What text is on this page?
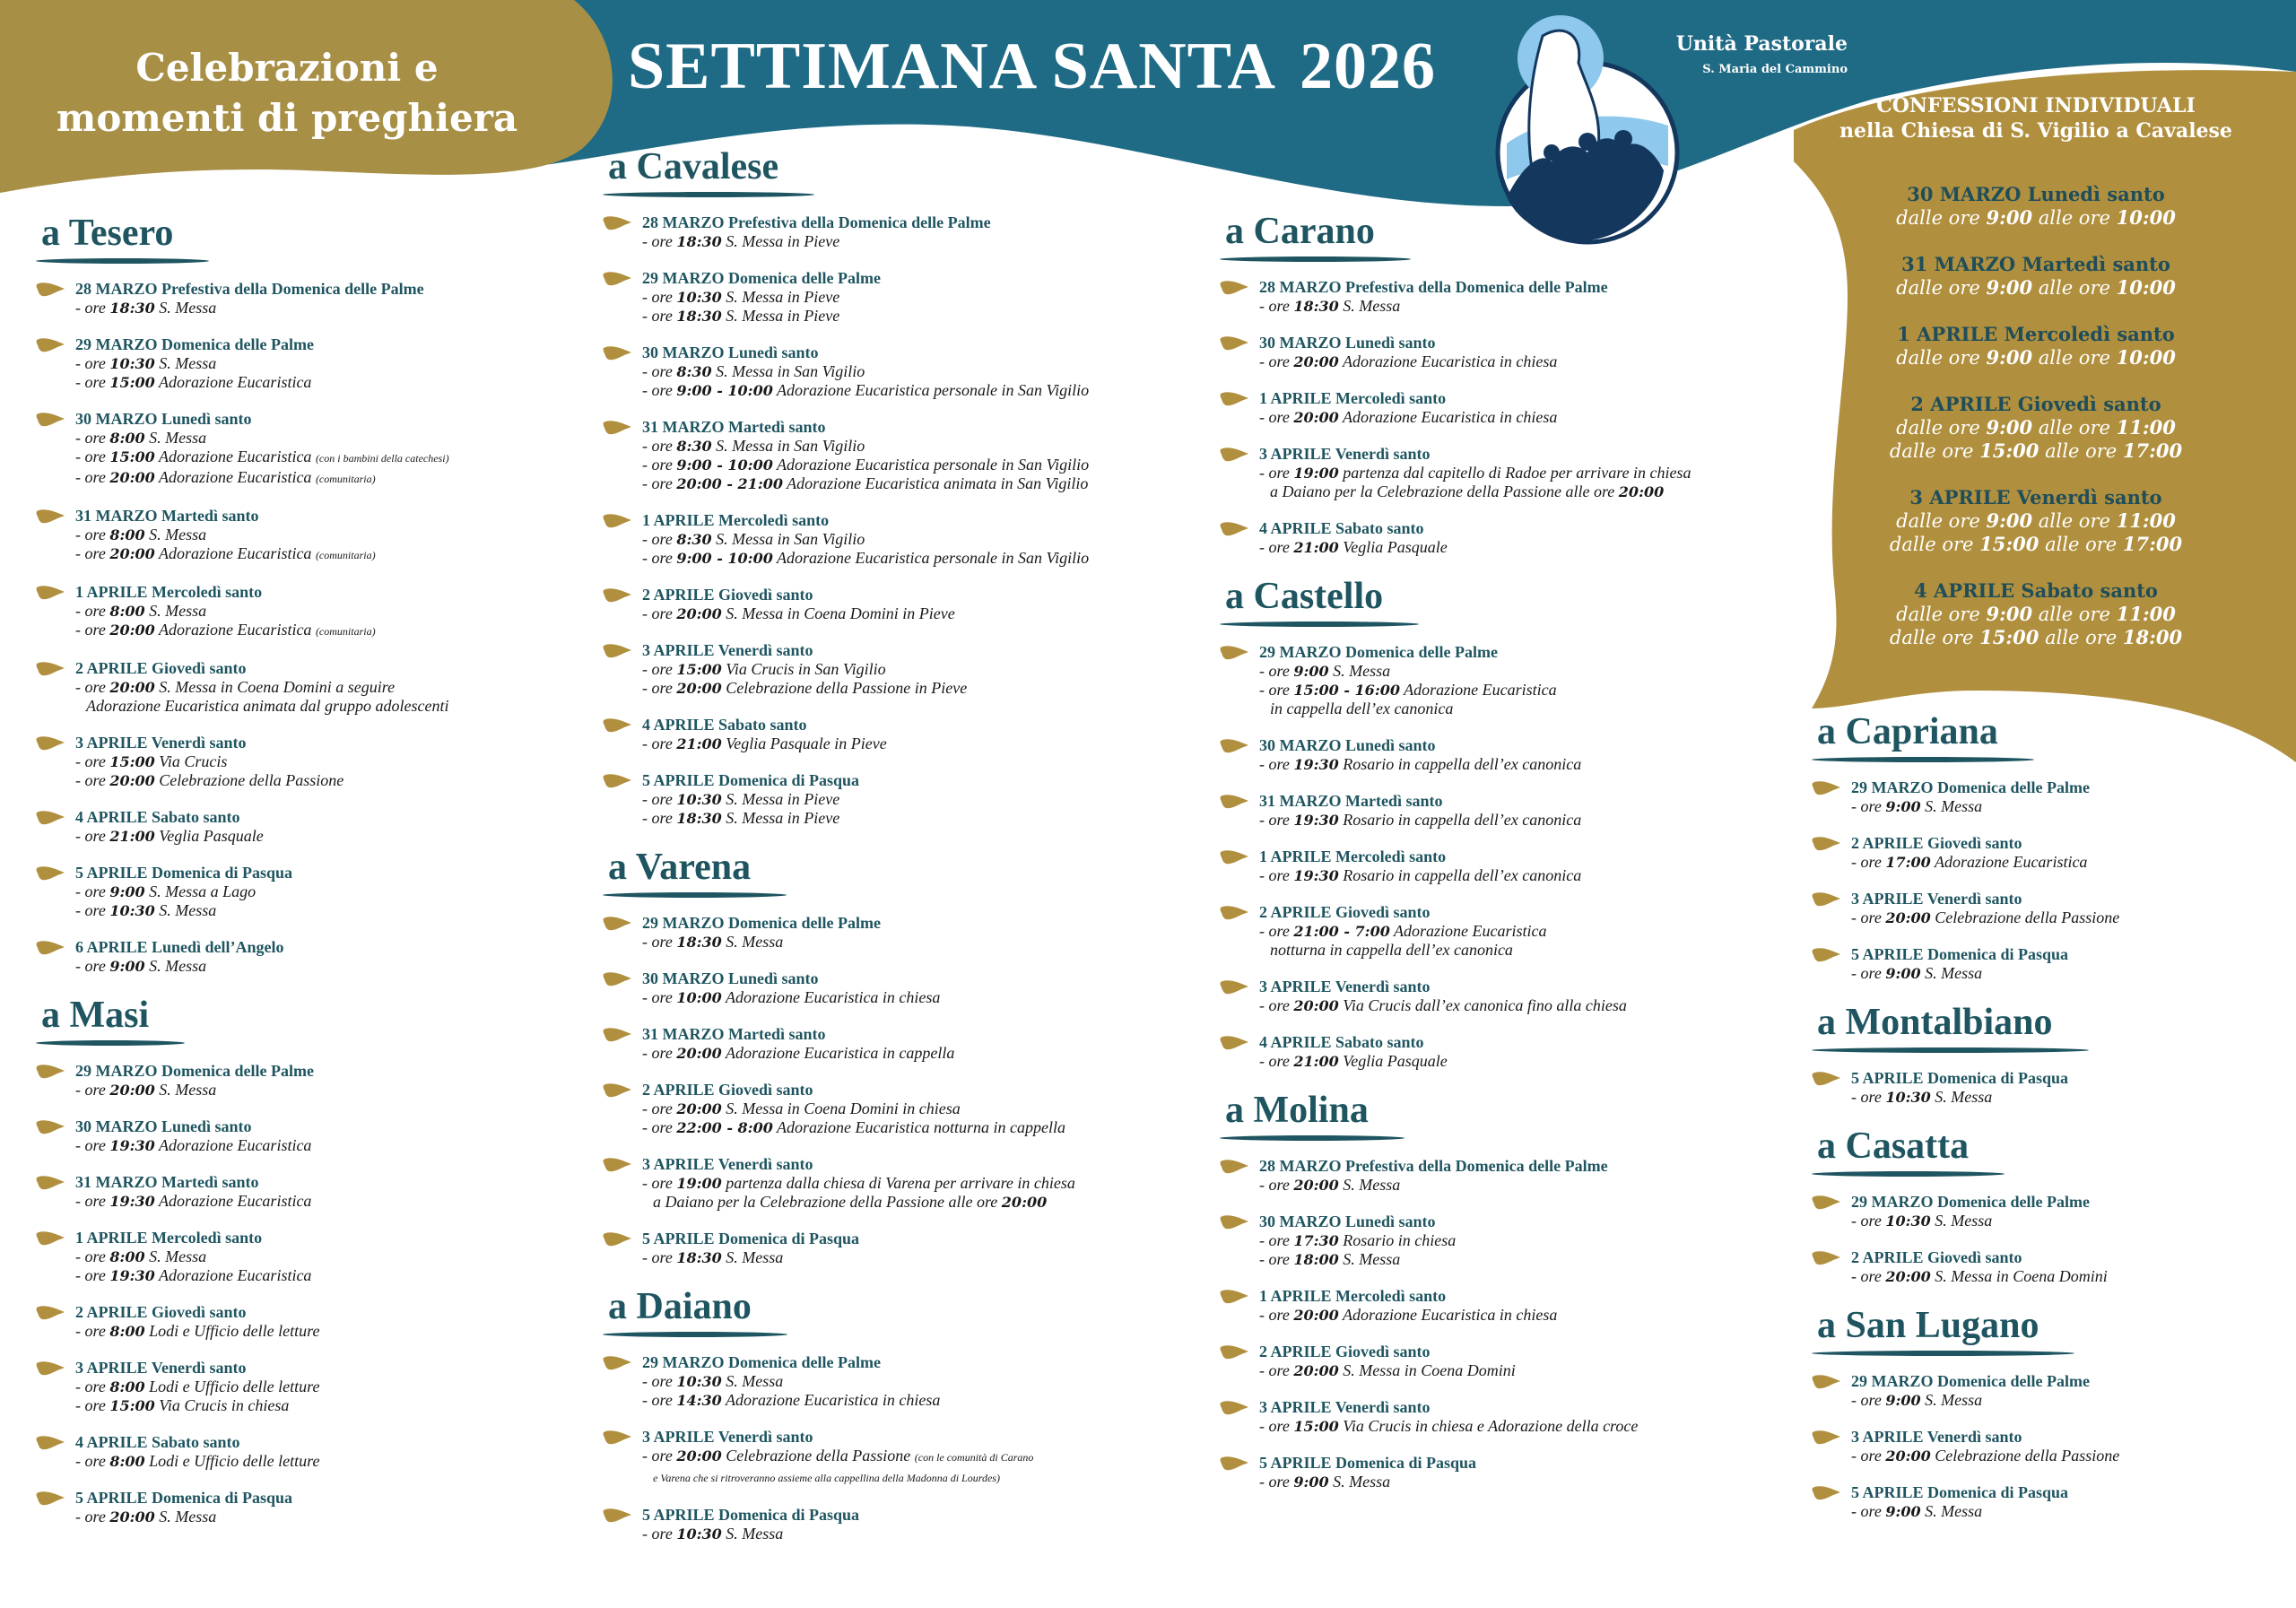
Celebrazioni e
momenti di preghiera
SETTIMANA SANTA 2026	Unità Pastorale
S. Maria del Cammino
CONFESSIONI INDIVIDUALI
nella Chiesa di S. Vigilio a Cavalese
30 MARZO Lunedì santo
dalle ore 9:00 alle ore 10:00
31 MARZO Martedì santo
dalle ore 9:00 alle ore 10:00
1 APRILE Mercoledì santo
dalle ore 9:00 alle ore 10:00
2 APRILE Giovedì santo
dalle ore 9:00 alle ore 11:00
dalle ore 15:00 alle ore 17:00
3 APRILE Venerdì santo
dalle ore 9:00 alle ore 11:00
dalle ore 15:00 alle ore 17:00
4 APRILE Sabato santo
dalle ore 9:00 alle ore 11:00
dalle ore 15:00 alle ore 18:00
a Tesero
28 MARZO Prefestiva della Domenica delle Palme
- ore 18:30 S. Messa
29 MARZO Domenica delle Palme
- ore 10:30 S. Messa
- ore 15:00 Adorazione Eucaristica
30 MARZO Lunedì santo
- ore 8:00 S. Messa
- ore 15:00 Adorazione Eucaristica (con i bambini della catechesi)
- ore 20:00 Adorazione Eucaristica (comunitaria)
31 MARZO Martedì santo
- ore 8:00 S. Messa
- ore 20:00 Adorazione Eucaristica (comunitaria)
1 APRILE Mercoledì santo
- ore 8:00 S. Messa
- ore 20:00 Adorazione Eucaristica (comunitaria)
2 APRILE Giovedì santo
- ore 20:00 S. Messa in Coena Domini a seguire
Adorazione Eucaristica animata dal gruppo adolescenti
3 APRILE Venerdì santo
- ore 15:00 Via Crucis
- ore 20:00 Celebrazione della Passione
4 APRILE Sabato santo
- ore 21:00 Veglia Pasquale
5 APRILE Domenica di Pasqua
- ore 9:00 S. Messa a Lago
- ore 10:30 S. Messa
6 APRILE Lunedì dell’Angelo
- ore 9:00 S. Messa
a Masi
29 MARZO Domenica delle Palme
- ore 20:00 S. Messa
30 MARZO Lunedì santo
- ore 19:30 Adorazione Eucaristica
31 MARZO Martedì santo
- ore 19:30 Adorazione Eucaristica
1 APRILE Mercoledì santo
- ore 8:00 S. Messa
- ore 19:30 Adorazione Eucaristica
2 APRILE Giovedì santo
- ore 8:00 Lodi e Ufficio delle letture
3 APRILE Venerdì santo
- ore 8:00 Lodi e Ufficio delle letture
- ore 15:00 Via Crucis in chiesa
4 APRILE Sabato santo
- ore 8:00 Lodi e Ufficio delle letture
5 APRILE Domenica di Pasqua
- ore 20:00 S. Messa
a Cavalese
28 MARZO Prefestiva della Domenica delle Palme
- ore 18:30 S. Messa in Pieve
29 MARZO Domenica delle Palme
- ore 10:30 S. Messa in Pieve
- ore 18:30 S. Messa in Pieve
30 MARZO Lunedì santo
- ore 8:30 S. Messa in San Vigilio
- ore 9:00 - 10:00 Adorazione Eucaristica personale in San Vigilio
31 MARZO Martedì santo
- ore 8:30 S. Messa in San Vigilio
- ore 9:00 - 10:00 Adorazione Eucaristica personale in San Vigilio
- ore 20:00 - 21:00 Adorazione Eucaristica animata in San Vigilio
1 APRILE Mercoledì santo
- ore 8:30 S. Messa in San Vigilio
- ore 9:00 - 10:00 Adorazione Eucaristica personale in San Vigilio
2 APRILE Giovedì santo
- ore 20:00 S. Messa in Coena Domini in Pieve
3 APRILE Venerdì santo
- ore 15:00 Via Crucis in San Vigilio
- ore 20:00 Celebrazione della Passione in Pieve
4 APRILE Sabato santo
- ore 21:00 Veglia Pasquale in Pieve
5 APRILE Domenica di Pasqua
- ore 10:30 S. Messa in Pieve
- ore 18:30 S. Messa in Pieve
a Varena
29 MARZO Domenica delle Palme
- ore 18:30 S. Messa
30 MARZO Lunedì santo
- ore 10:00 Adorazione Eucaristica in chiesa
31 MARZO Martedì santo
- ore 20:00 Adorazione Eucaristica in cappella
2 APRILE Giovedì santo
- ore 20:00 S. Messa in Coena Domini in chiesa
- ore 22:00 - 8:00 Adorazione Eucaristica notturna in cappella
3 APRILE Venerdì santo
- ore 19:00 partenza dalla chiesa di Varena per arrivare in chiesa
a Daiano per la Celebrazione della Passione alle ore 20:00
5 APRILE Domenica di Pasqua
- ore 18:30 S. Messa
a Daiano
29 MARZO Domenica delle Palme
- ore 10:30 S. Messa
- ore 14:30 Adorazione Eucaristica in chiesa
3 APRILE Venerdì santo
- ore 20:00 Celebrazione della Passione (con le comunità di Carano
e Varena che si ritroveranno assieme alla cappellina della Madonna di Lourdes)
5 APRILE Domenica di Pasqua
- ore 10:30 S. Messa
a Carano
28 MARZO Prefestiva della Domenica delle Palme
- ore 18:30 S. Messa
30 MARZO Lunedì santo
- ore 20:00 Adorazione Eucaristica in chiesa
1 APRILE Mercoledì santo
- ore 20:00 Adorazione Eucaristica in chiesa
3 APRILE Venerdì santo
- ore 19:00 partenza dal capitello di Radoe per arrivare in chiesa
a Daiano per la Celebrazione della Passione alle ore 20:00
4 APRILE Sabato santo
- ore 21:00 Veglia Pasquale
a Castello
29 MARZO Domenica delle Palme
- ore 9:00 S. Messa
- ore 15:00 - 16:00 Adorazione Eucaristica
in cappella dell’ex canonica
30 MARZO Lunedì santo
- ore 19:30 Rosario in cappella dell’ex canonica
31 MARZO Martedì santo
- ore 19:30 Rosario in cappella dell’ex canonica
1 APRILE Mercoledì santo
- ore 19:30 Rosario in cappella dell’ex canonica
2 APRILE Giovedì santo
- ore 21:00 - 7:00 Adorazione Eucaristica
notturna in cappella dell’ex canonica
3 APRILE Venerdì santo
- ore 20:00 Via Crucis dall’ex canonica fino alla chiesa
4 APRILE Sabato santo
- ore 21:00 Veglia Pasquale
a Molina
28 MARZO Prefestiva della Domenica delle Palme
- ore 20:00 S. Messa
30 MARZO Lunedì santo
- ore 17:30 Rosario in chiesa
- ore 18:00 S. Messa
1 APRILE Mercoledì santo
- ore 20:00 Adorazione Eucaristica in chiesa
2 APRILE Giovedì santo
- ore 20:00 S. Messa in Coena Domini
3 APRILE Venerdì santo
- ore 15:00 Via Crucis in chiesa e Adorazione della croce
5 APRILE Domenica di Pasqua
- ore 9:00 S. Messa
a Capriana
29 MARZO Domenica delle Palme
- ore 9:00 S. Messa
2 APRILE Giovedì santo
- ore 17:00 Adorazione Eucaristica
3 APRILE Venerdì santo
- ore 20:00 Celebrazione della Passione
5 APRILE Domenica di Pasqua
- ore 9:00 S. Messa
a Montalbiano
5 APRILE Domenica di Pasqua
- ore 10:30 S. Messa
a Casatta
29 MARZO Domenica delle Palme
- ore 10:30 S. Messa
2 APRILE Giovedì santo
- ore 20:00 S. Messa in Coena Domini
a San Lugano
29 MARZO Domenica delle Palme
- ore 9:00 S. Messa
3 APRILE Venerdì santo
- ore 20:00 Celebrazione della Passione
5 APRILE Domenica di Pasqua
- ore 9:00 S. Messa
